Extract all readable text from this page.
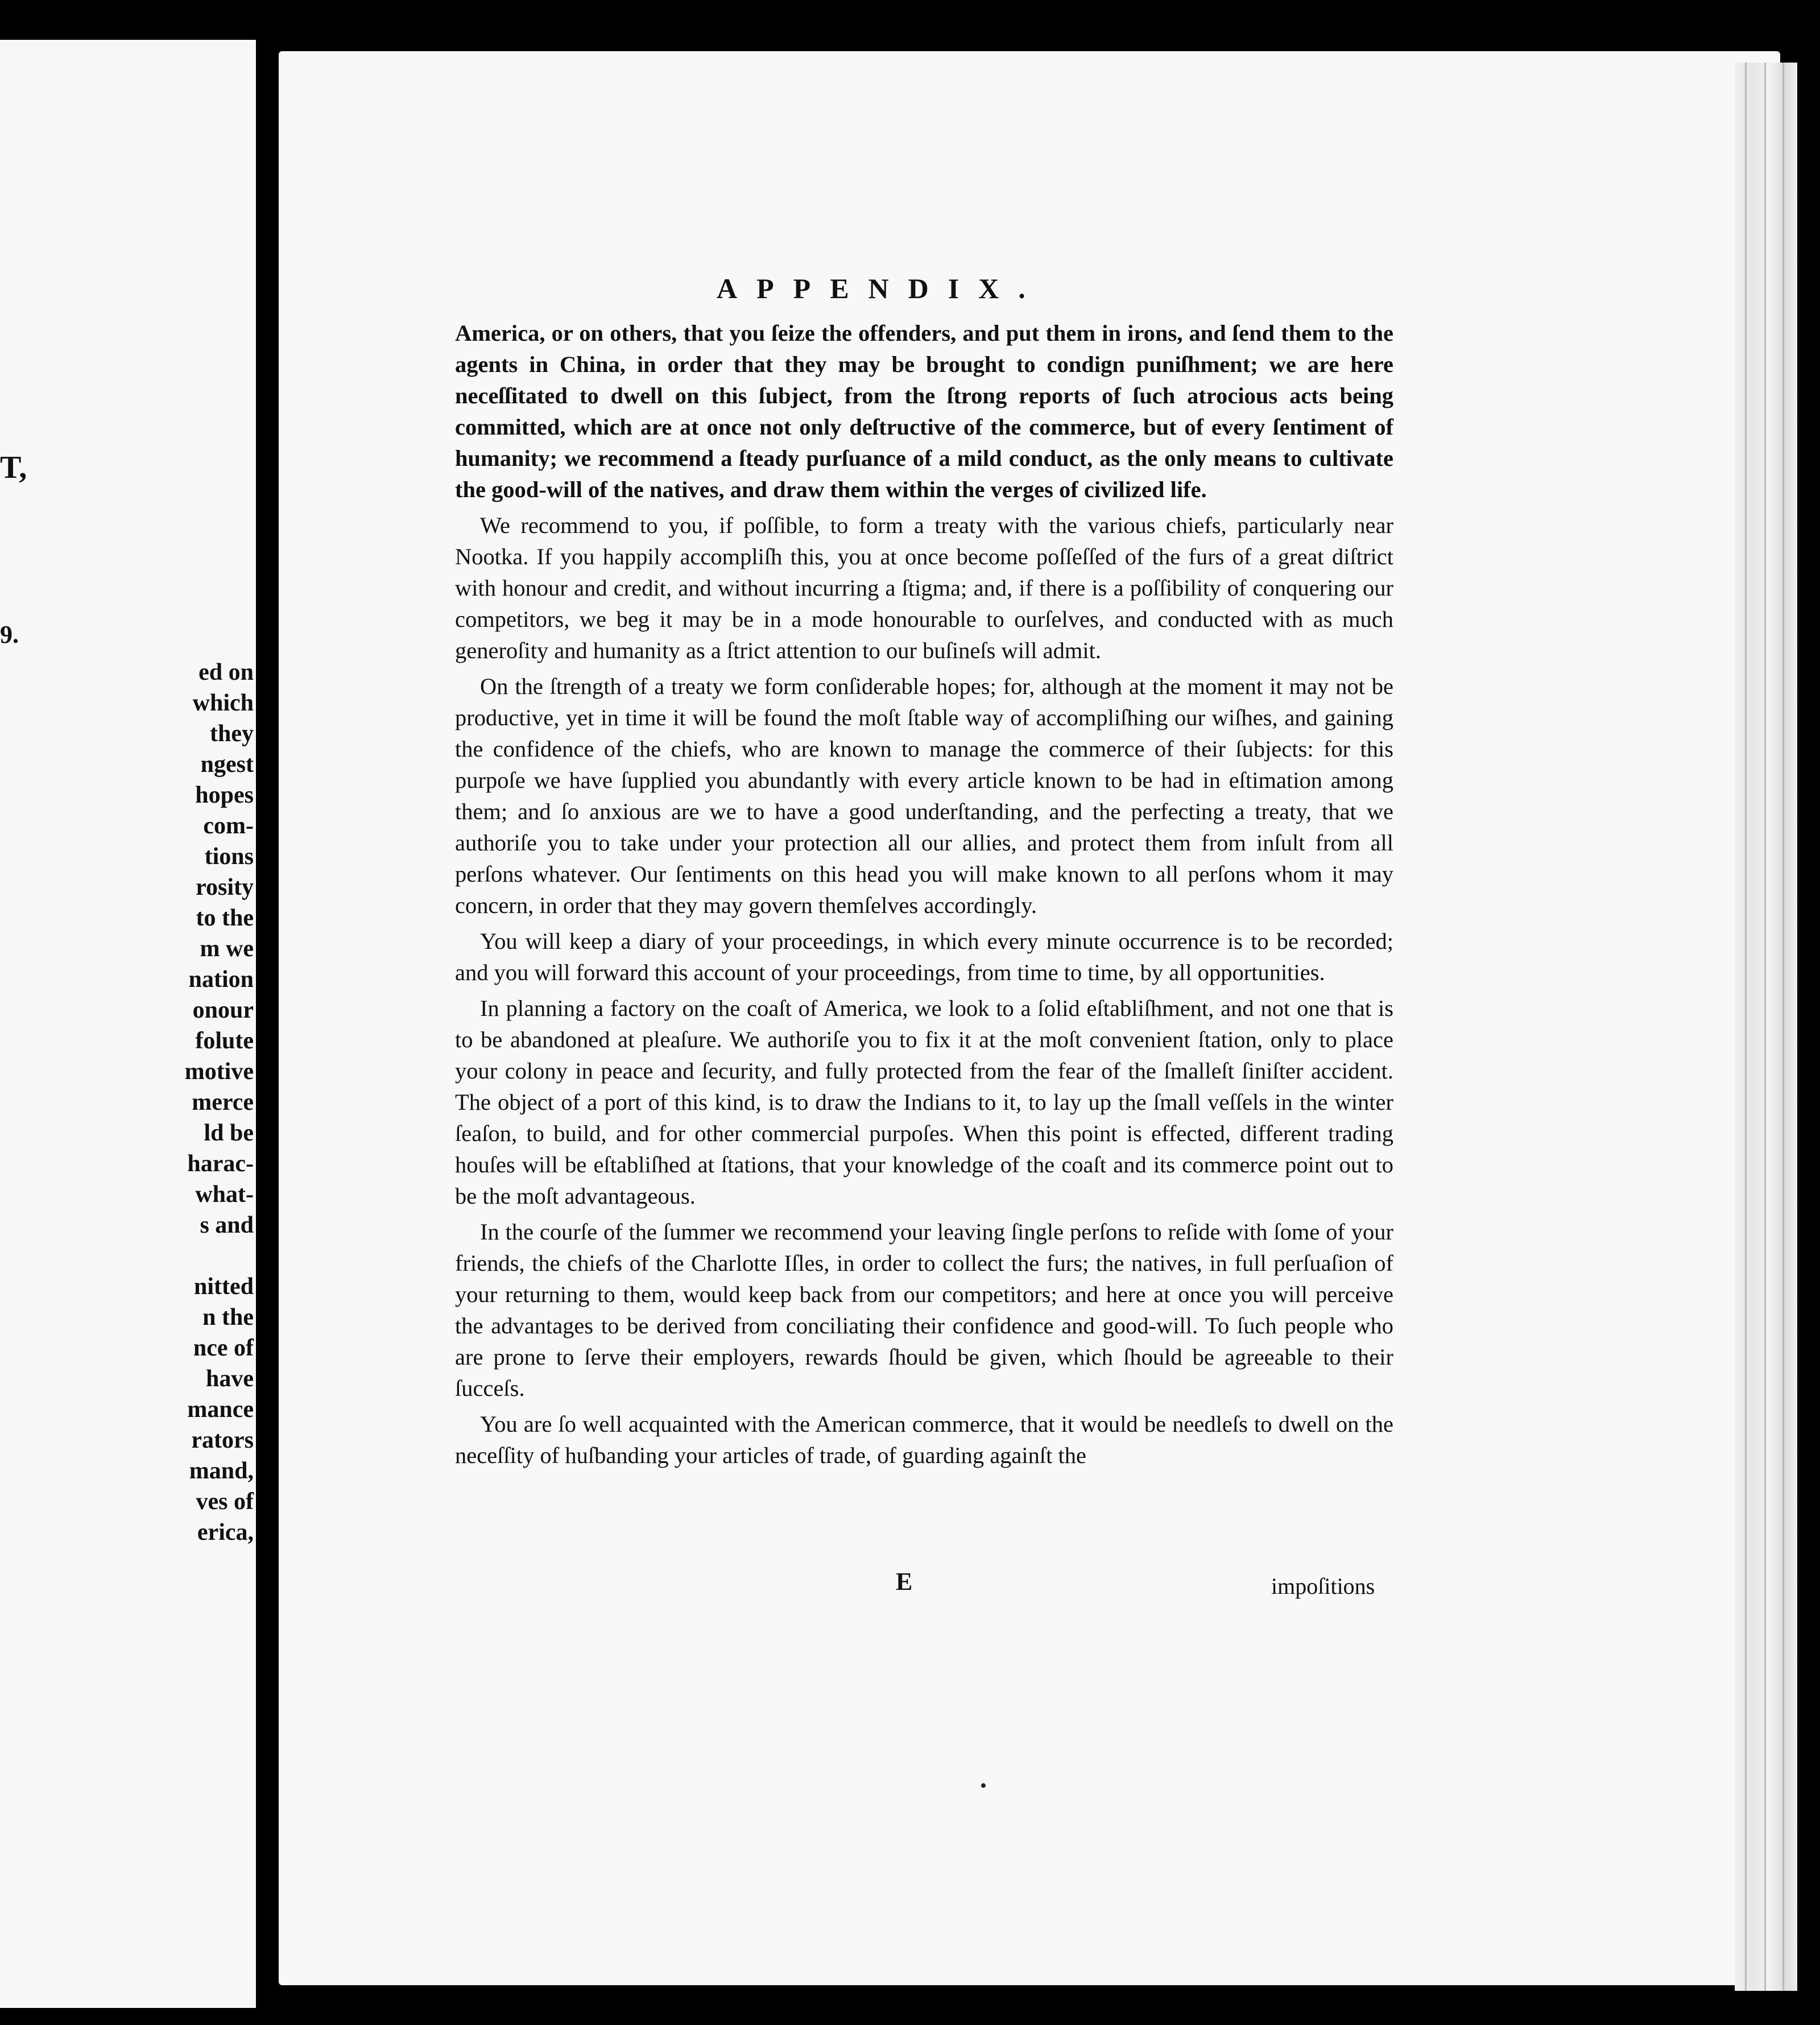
T,
9.
ed on
which
they
ngest
hopes
com-
tions
rosity
to the
m we
nation
onour
folute
motive
merce
ld be
harac-
what-
s and
nitted
n the
nce of
have
mance
rators
mand,
ves of
erica,
APPENDIX.

America, or on others, that you ſeize the offenders, and put them in irons, and ſend them to the agents in China, in order that they may be brought to condign puniſhment; we are here neceſſitated to dwell on this ſubject, from the ſtrong reports of ſuch atrocious acts being committed, which are at once not only deſtructive of the commerce, but of every ſentiment of humanity; we recommend a ſteady purſuance of a mild conduct, as the only means to cultivate the good-will of the natives, and draw them within the verges of civilized life.

We recommend to you, if poſſible, to form a treaty with the various chiefs, particularly near Nootka. If you happily accompliſh this, you at once become poſſeſſed of the furs of a great diſtrict with honour and credit, and without incurring a ſtigma; and, if there is a poſſibility of conquering our competitors, we beg it may be in a mode honourable to ourſelves, and conducted with as much generoſity and humanity as a ſtrict attention to our buſineſs will admit.

On the ſtrength of a treaty we form conſiderable hopes; for, although at the moment it may not be productive, yet in time it will be found the moſt ſtable way of accompliſhing our wiſhes, and gaining the confidence of the chiefs, who are known to manage the commerce of their ſubjects: for this purpoſe we have ſupplied you abundantly with every article known to be had in eſtimation among them; and ſo anxious are we to have a good underſtanding, and the perfecting a treaty, that we authoriſe you to take under your protection all our allies, and protect them from inſult from all perſons whatever. Our ſentiments on this head you will make known to all perſons whom it may concern, in order that they may govern themſelves accordingly.

You will keep a diary of your proceedings, in which every minute occurrence is to be recorded; and you will forward this account of your proceedings, from time to time, by all opportunities.

In planning a factory on the coaſt of America, we look to a ſolid eſtabliſhment, and not one that is to be abandoned at pleaſure. We authoriſe you to fix it at the moſt convenient ſtation, only to place your colony in peace and ſecurity, and fully protected from the fear of the ſmalleſt ſiniſter accident. The object of a port of this kind, is to draw the Indians to it, to lay up the ſmall veſſels in the winter ſeaſon, to build, and for other commercial purpoſes. When this point is effected, different trading houſes will be eſtabliſhed at ſtations, that your knowledge of the coaſt and its commerce point out to be the moſt advantageous.

In the courſe of the ſummer we recommend your leaving ſingle perſons to reſide with ſome of your friends, the chiefs of the Charlotte Iſles, in order to collect the furs; the natives, in full perſuaſion of your returning to them, would keep back from our competitors; and here at once you will perceive the advantages to be derived from conciliating their confidence and good-will. To ſuch people who are prone to ſerve their employers, rewards ſhould be given, which ſhould be agreeable to their ſucceſs.

You are ſo well acquainted with the American commerce, that it would be needleſs to dwell on the neceſſity of huſbanding your articles of trade, of guarding againſt the

E	impoſitions
